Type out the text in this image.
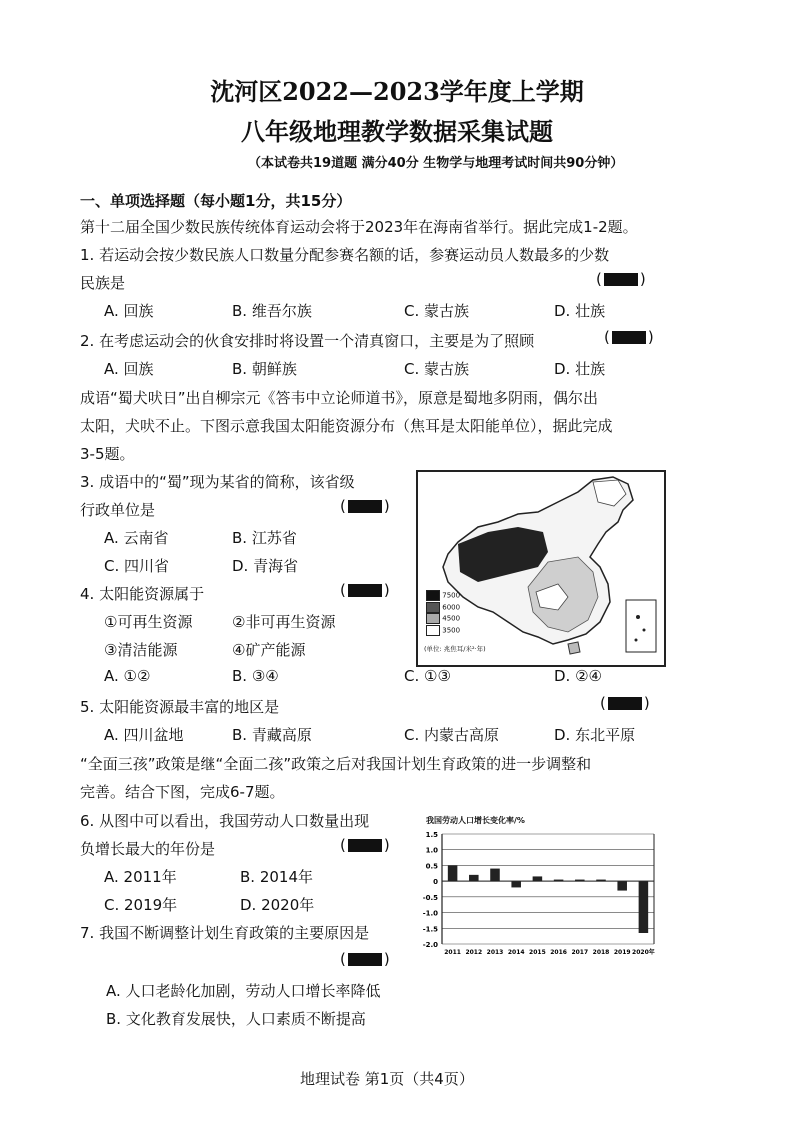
沈河区2022—2023学年度上学期
八年级地理教学数据采集试题
（本试卷共19道题 满分40分 生物学与地理考试时间共90分钟）
一、单项选择题（每小题1分，共15分）
第十二届全国少数民族传统体育运动会将于2023年在海南省举行。据此完成1-2题。
1. 若运动会按少数民族人口数量分配参赛名额的话，参赛运动员人数最多的少数
民族是	(	)
A. 回族	B. 维吾尔族	C. 蒙古族	D. 壮族
2. 在考虑运动会的伙食安排时将设置一个清真窗口，主要是为了照顾	(	)
A. 回族	B. 朝鲜族	C. 蒙古族	D. 壮族
成语“蜀犬吠日”出自柳宗元《答韦中立论师道书》，原意是蜀地多阴雨，偶尔出
太阳，犬吠不止。下图示意我国太阳能资源分布（焦耳是太阳能单位），据此完成
3-5题。
3. 成语中的“蜀”现为某省的简称，该省级
行政单位是	(	)
A. 云南省	B. 江苏省
C. 四川省	D. 青海省
4. 太阳能资源属于	(	)
①可再生资源	②非可再生资源
③清洁能源	④矿产能源
A. ①②	B. ③④	C. ①③	D. ②④
7500
6000
4500
3500
(单位: 兆焦耳/米²·年)
5. 太阳能资源最丰富的地区是	(	)
A. 四川盆地	B. 青藏高原	C. 内蒙古高原	D. 东北平原
“全面三孩”政策是继“全面二孩”政策之后对我国计划生育政策的进一步调整和
完善。结合下图，完成6-7题。
6. 从图中可以看出，我国劳动人口数量出现
负增长最大的年份是	(	)
A. 2011年	B. 2014年
C. 2019年	D. 2020年
7. 我国不断调整计划生育政策的主要原因是
(	)
A. 人口老龄化加剧，劳动人口增长率降低
B. 文化教育发展快，人口素质不断提高
我国劳动人口增长变化率/%
1.5
1.0
0.5
0
-0.5
-1.0
-1.5
-2.0
2011 2012 2013 2014 2015 2016 2017 2018 2019 2020年
地理试卷 第1页（共4页）
